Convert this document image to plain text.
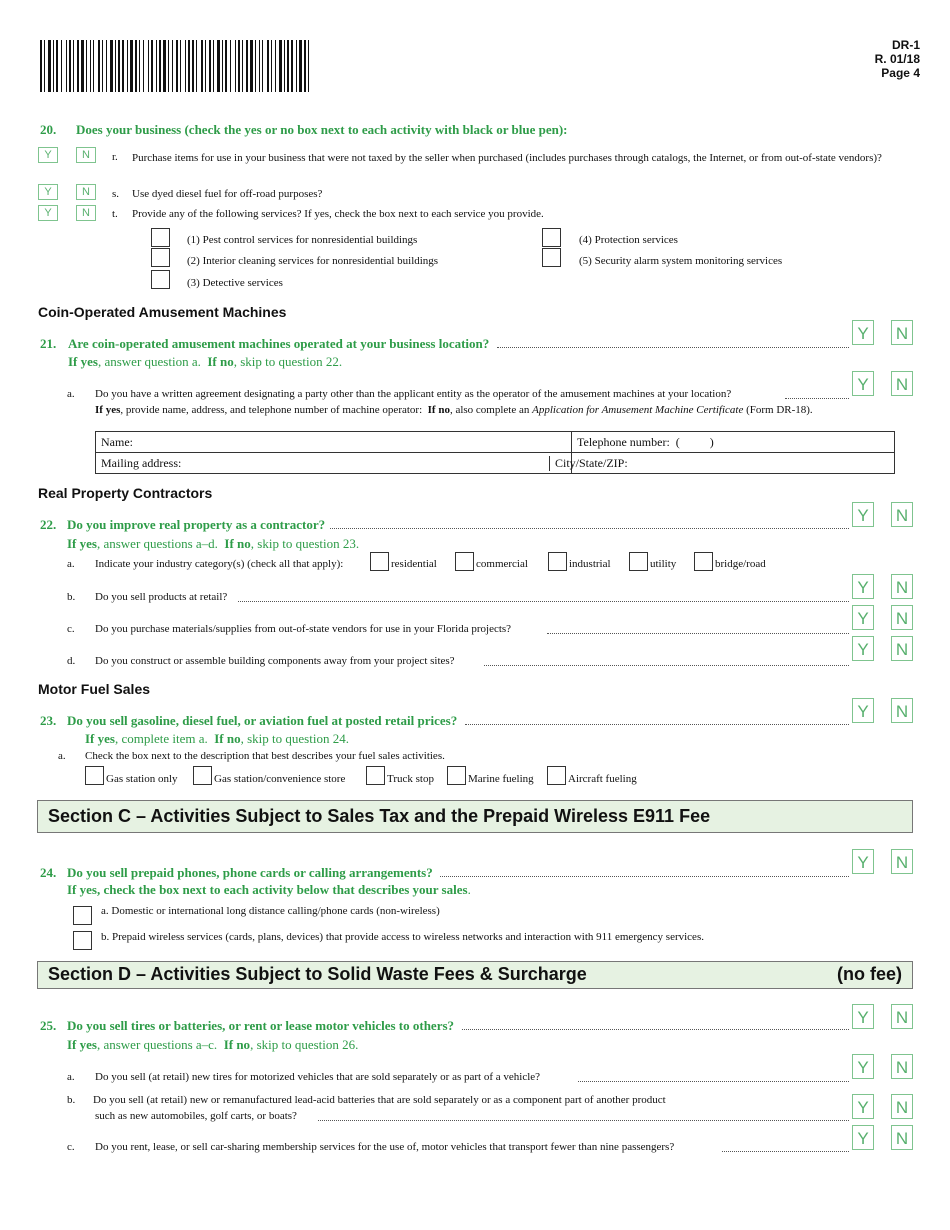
DR-1
R. 01/18
Page 4
20. Does your business (check the yes or no box next to each activity with black or blue pen):
Y	N	r. Purchase items for use in your business that were not taxed by the seller when purchased (includes purchases through catalogs, the Internet, or from out-of-state vendors)?
Y	N	s. Use dyed diesel fuel for off-road purposes?
Y	N	t. Provide any of the following services? If yes, check the box next to each service you provide.
(1) Pest control services for nonresidential buildings
(2) Interior cleaning services for nonresidential buildings
(3) Detective services
(4) Protection services
(5) Security alarm system monitoring services
Coin-Operated Amusement Machines
21. Are coin-operated amusement machines operated at your business location?
Y	N
If yes, answer question a. If no, skip to question 22.
a. Do you have a written agreement designating a party other than the applicant entity as the operator of the amusement machines at your location?	Y	N
If yes, provide name, address, and telephone number of machine operator: If no, also complete an Application for Amusement Machine Certificate (Form DR-18).
Name:	Telephone number:  (          )
Mailing address:	City/State/ZIP:
Real Property Contractors
22. Do you improve real property as a contractor?	Y	N
If yes, answer questions a–d. If no, skip to question 23.
a. Indicate your industry category(s) (check all that apply):	residential	commercial	industrial	utility	bridge/road
b. Do you sell products at retail?	Y	N
c. Do you purchase materials/supplies from out-of-state vendors for use in your Florida projects?
Y	N
d. Do you construct or assemble building components away from your project sites?
Y	N
Motor Fuel Sales
23. Do you sell gasoline, diesel fuel, or aviation fuel at posted retail prices?	Y	N
If yes, complete item a. If no, skip to question 24.
a. Check the box next to the description that best describes your fuel sales activities.
Gas station only	Gas station/convenience store	Truck stop	Marine fueling	Aircraft fueling
Section C – Activities Subject to Sales Tax and the Prepaid Wireless E911 Fee
24. Do you sell prepaid phones, phone cards or calling arrangements?
Y	N
If yes, check the box next to each activity below that describes your sales.
a. Domestic or international long distance calling/phone cards (non-wireless)
b. Prepaid wireless services (cards, plans, devices) that provide access to wireless networks and interaction with 911 emergency services.
Section D – Activities Subject to Solid Waste Fees & Surcharge	(no fee)
25. Do you sell tires or batteries, or rent or lease motor vehicles to others?	Y	N
If yes, answer questions a–c. If no, skip to question 26.
a. Do you sell (at retail) new tires for motorized vehicles that are sold separately or as part of a vehicle?	Y	N
b. Do you sell (at retail) new or remanufactured lead-acid batteries that are sold separately or as a component part of another product
such as new automobiles, golf carts, or boats?	Y	N
c. Do you rent, lease, or sell car-sharing membership services for the use of, motor vehicles that transport fewer than nine passengers?	Y	N
